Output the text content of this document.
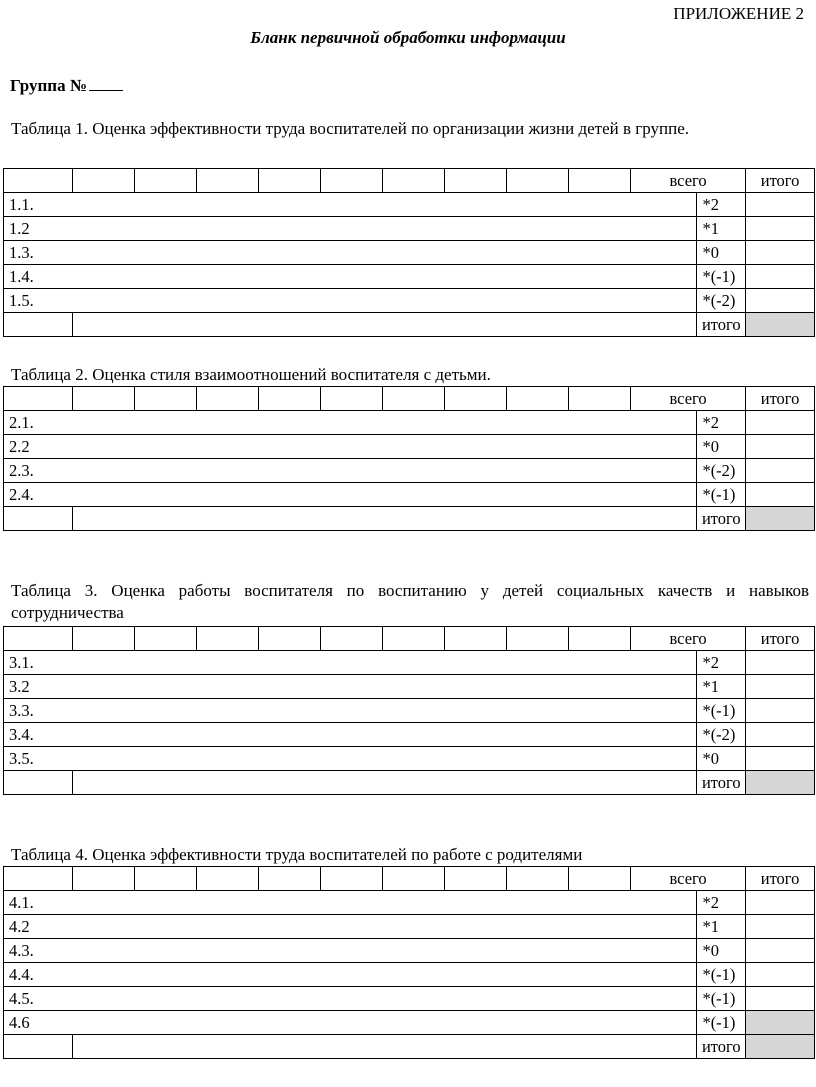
ПРИЛОЖЕНИЕ 2
Бланк первичной обработки информации
Группа №
Таблица 1. Оценка эффективности труда воспитателей по организации жизни детей в группе.
										всего		итого
1.1.											*2	
1.2											*1	
1.3.											*0	
1.4.											*(-1)	
1.5.											*(-2)	
											итого	
Таблица 2. Оценка стиля взаимоотношений воспитателя с детьми.
										всего		итого
2.1.											*2	
2.2											*0	
2.3.											*(-2)	
2.4.											*(-1)	
											итого	
Таблица 3. Оценка работы воспитателя по воспитанию у детей социальных качеств и навыков сотрудничества
										всего		итого
3.1.											*2	
3.2											*1	
3.3.											*(-1)	
3.4.											*(-2)	
3.5.											*0	
											итого	
Таблица 4. Оценка эффективности труда воспитателей по работе с родителями
										всего		итого
4.1.											*2	
4.2											*1	
4.3.											*0	
4.4.											*(-1)	
4.5.											*(-1)	
4.6											*(-1)	
											итого	
